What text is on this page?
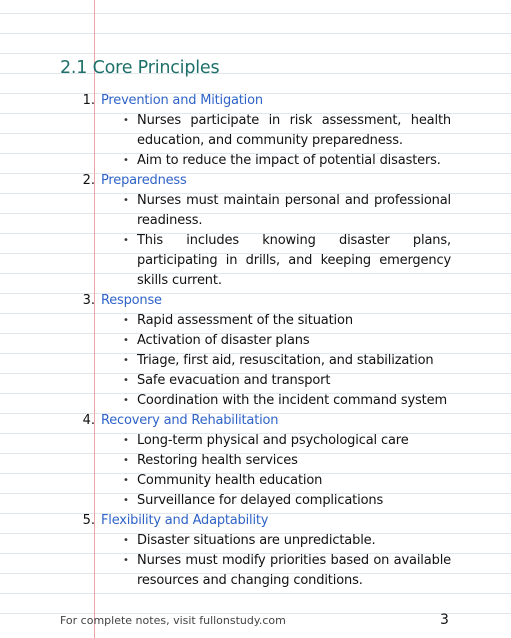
2.1 Core Principles
1. Prevention and Mitigation
• Nurses participate in risk assessment, health education, and community preparedness.
• Aim to reduce the impact of potential disasters.
2. Preparedness
• Nurses must maintain personal and professional readiness.
• This includes knowing disaster plans, participating in drills, and keeping emergency skills current.
3. Response
• Rapid assessment of the situation
• Activation of disaster plans
• Triage, first aid, resuscitation, and stabilization
• Safe evacuation and transport
• Coordination with the incident command system
4. Recovery and Rehabilitation
• Long-term physical and psychological care
• Restoring health services
• Community health education
• Surveillance for delayed complications
5. Flexibility and Adaptability
• Disaster situations are unpredictable.
• Nurses must modify priorities based on available resources and changing conditions.
For complete notes, visit fullonstudy.com	3
